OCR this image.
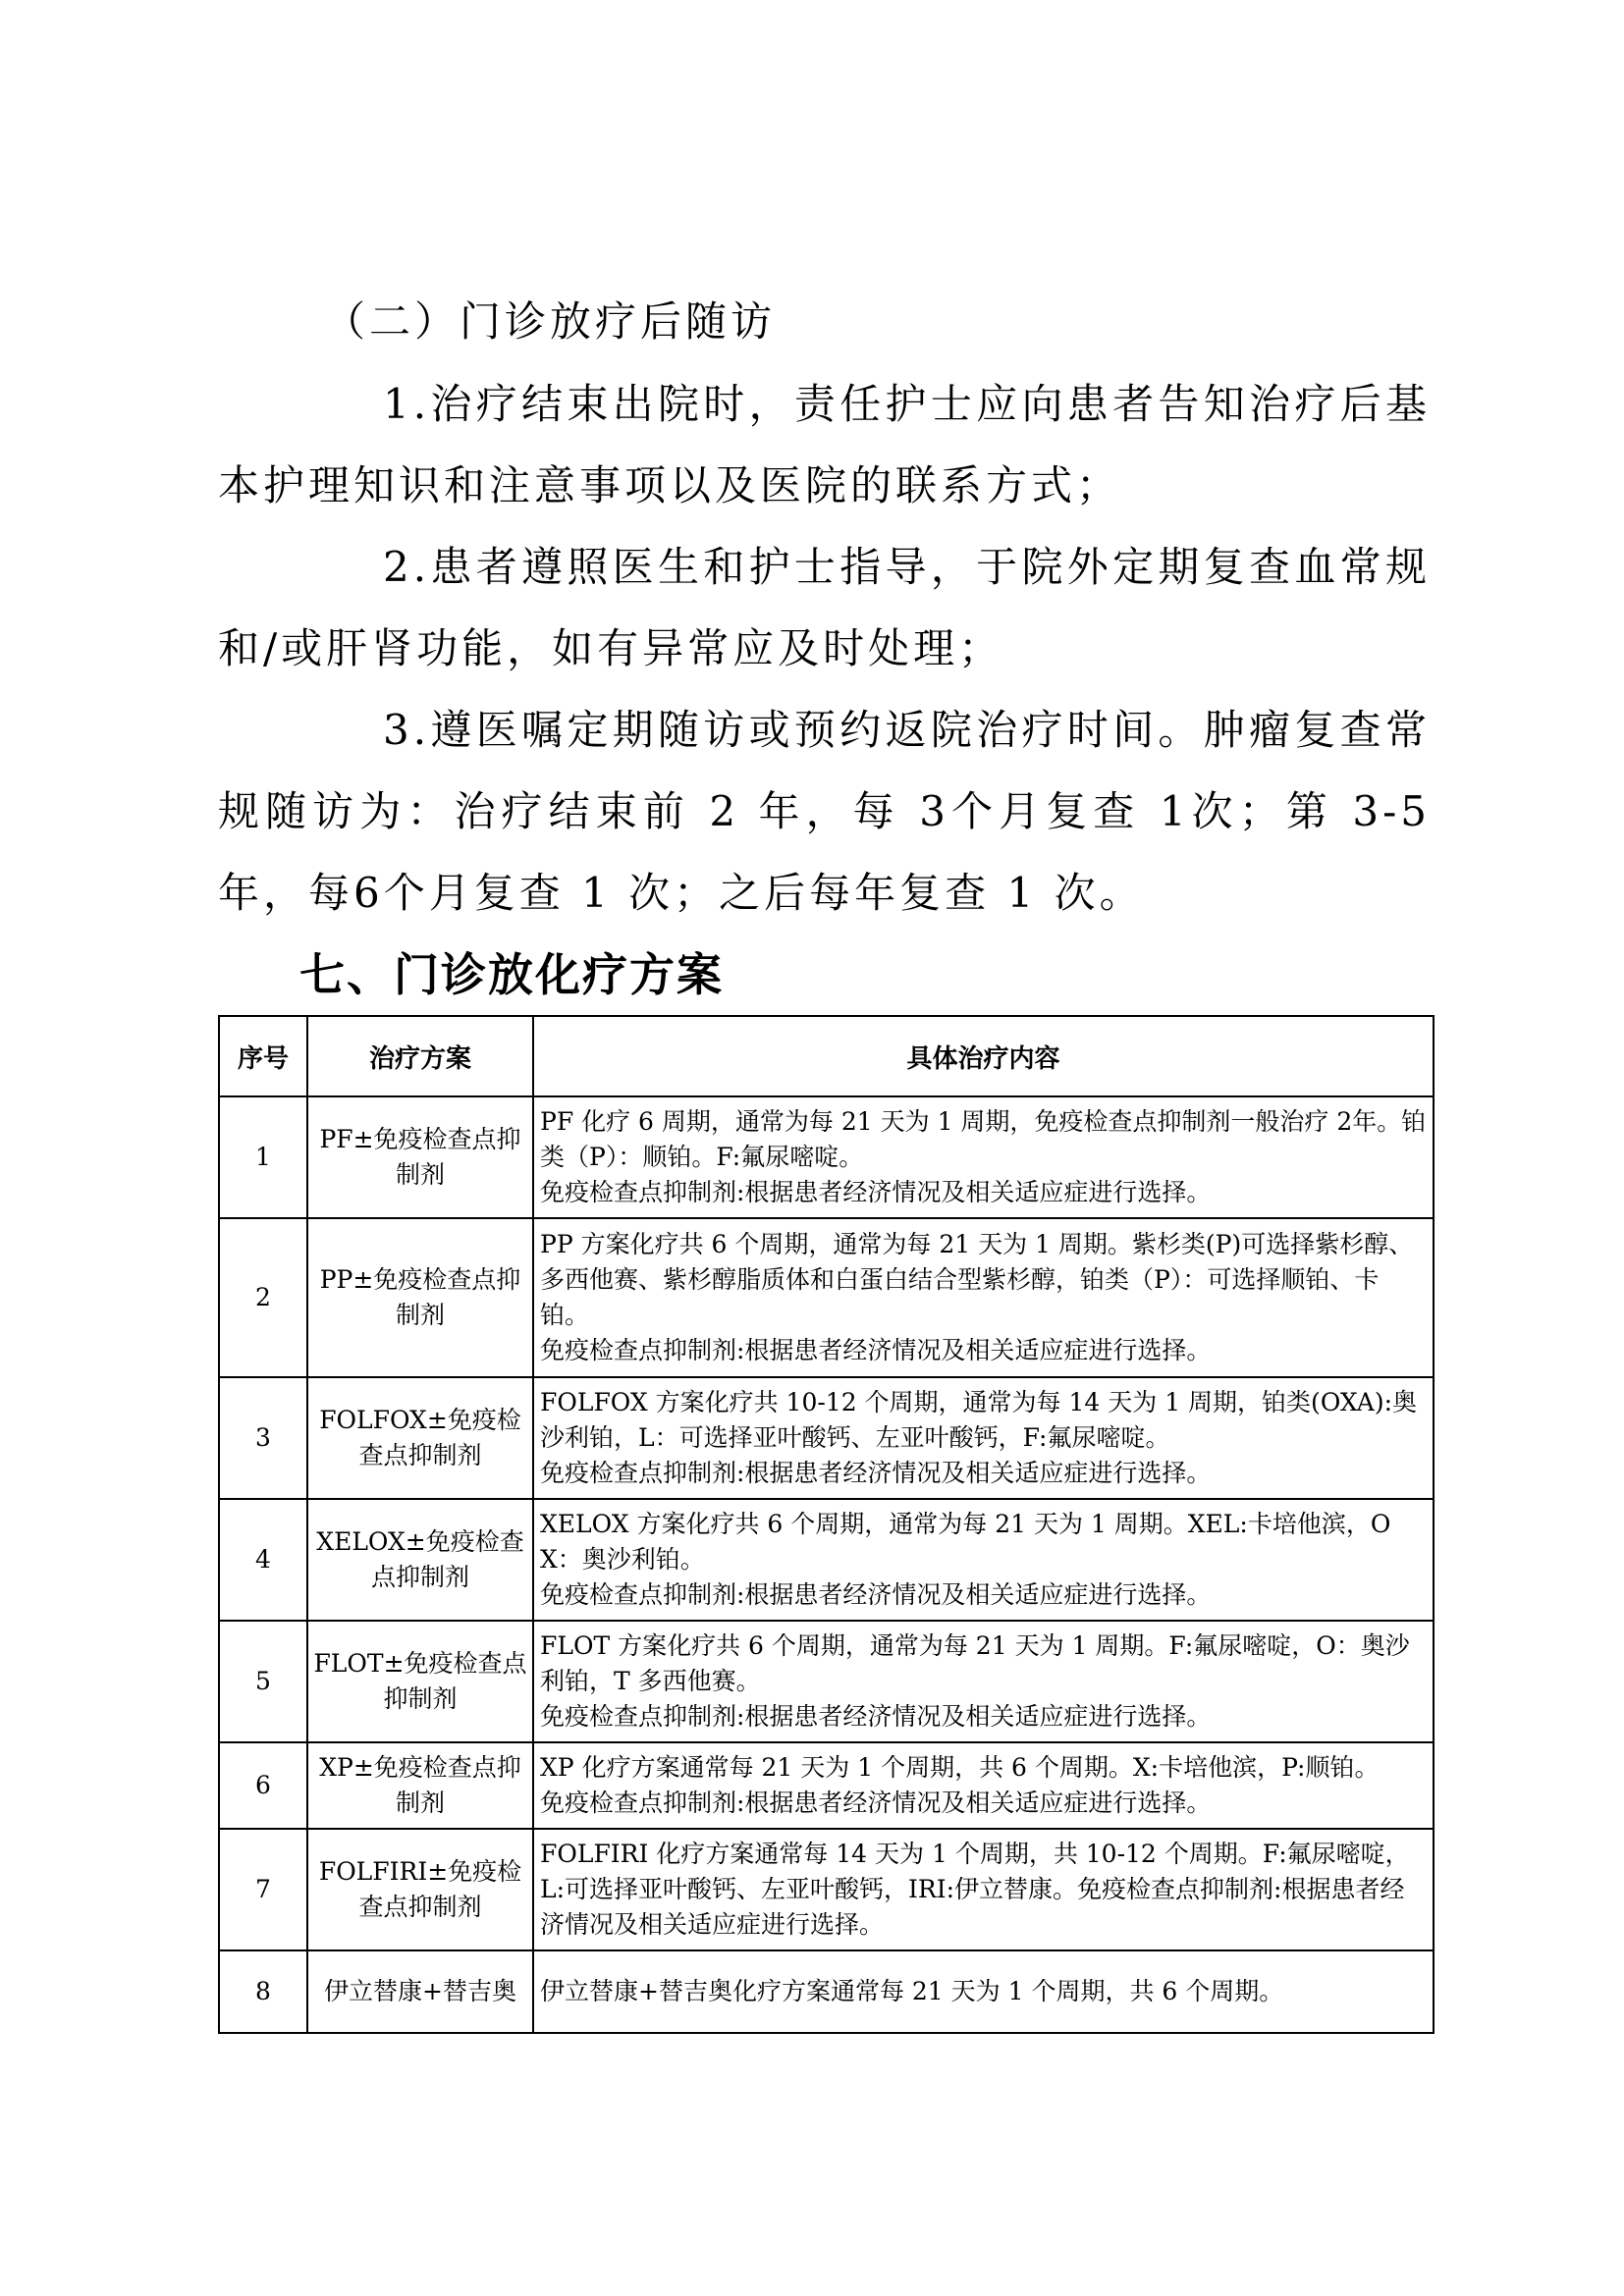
（二）门诊放疗后随访

1.治疗结束出院时，责任护士应向患者告知治疗后基本护理知识和注意事项以及医院的联系方式；

2.患者遵照医生和护士指导，于院外定期复查血常规和/或肝肾功能，如有异常应及时处理；

3.遵医嘱定期随访或预约返院治疗时间。肿瘤复查常规随访为：治疗结束前 2 年，每 3个月复查 1次；第 3-5 年，每6个月复查 1 次；之后每年复查 1 次。

七、门诊放化疗方案
序号	治疗方案	具体治疗内容
1	PF±免疫检查点抑制剂	PF 化疗 6 周期，通常为每 21 天为 1 周期，免疫检查点抑制剂一般治疗 2年。铂类（P）：顺铂。F:氟尿嘧啶。
免疫检查点抑制剂:根据患者经济情况及相关适应症进行选择。

2	PP±免疫检查点抑制剂	PP 方案化疗共 6 个周期，通常为每 21 天为 1 周期。紫杉类(P)可选择紫杉醇、多西他赛、紫杉醇脂质体和白蛋白结合型紫杉醇，铂类（P）：可选择顺铂、卡铂。
免疫检查点抑制剂:根据患者经济情况及相关适应症进行选择。

3	FOLFOX±免疫检查点抑制剂	FOLFOX 方案化疗共 10-12 个周期，通常为每 14 天为 1 周期，铂类(OXA):奥沙利铂，L：可选择亚叶酸钙、左亚叶酸钙，F:氟尿嘧啶。
免疫检查点抑制剂:根据患者经济情况及相关适应症进行选择。

4	XELOX±免疫检查点抑制剂	XELOX 方案化疗共 6 个周期，通常为每 21 天为 1 周期。XEL:卡培他滨，OX：奥沙利铂。
免疫检查点抑制剂:根据患者经济情况及相关适应症进行选择。

5	FLOT±免疫检查点抑制剂	FLOT 方案化疗共 6 个周期，通常为每 21 天为 1 周期。F:氟尿嘧啶，O：奥沙利铂，T 多西他赛。
免疫检查点抑制剂:根据患者经济情况及相关适应症进行选择。

6	XP±免疫检查点抑制剂	XP 化疗方案通常每 21 天为 1 个周期，共 6 个周期。X:卡培他滨，P:顺铂。
免疫检查点抑制剂:根据患者经济情况及相关适应症进行选择。

7	FOLFIRI±免疫检查点抑制剂	FOLFIRI 化疗方案通常每 14 天为 1 个周期，共 10-12 个周期。F:氟尿嘧啶，L:可选择亚叶酸钙、左亚叶酸钙，IRI:伊立替康。免疫检查点抑制剂:根据患者经济情况及相关适应症进行选择。

8	伊立替康+替吉奥	伊立替康+替吉奥化疗方案通常每 21 天为 1 个周期，共 6 个周期。
